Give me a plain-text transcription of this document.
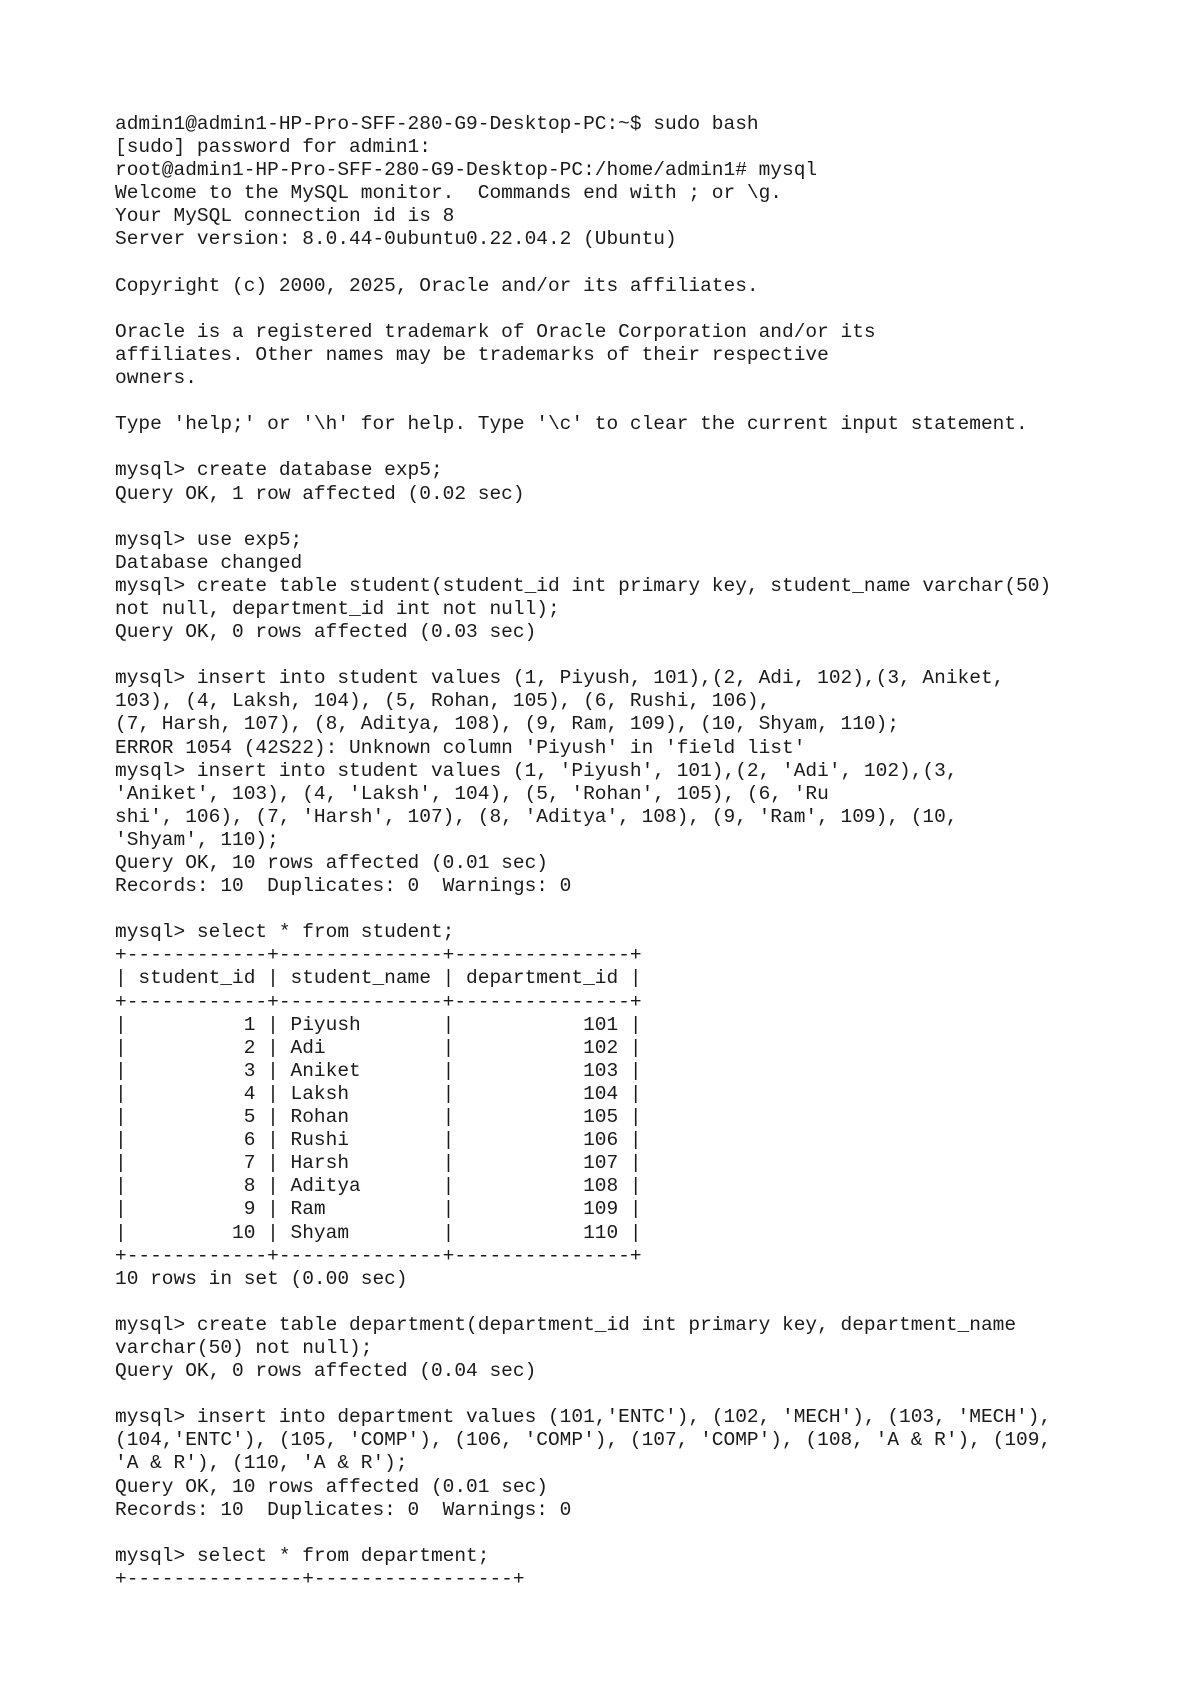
admin1@admin1-HP-Pro-SFF-280-G9-Desktop-PC:~$ sudo bash
[sudo] password for admin1:
root@admin1-HP-Pro-SFF-280-G9-Desktop-PC:/home/admin1# mysql
Welcome to the MySQL monitor.  Commands end with ; or \g.
Your MySQL connection id is 8
Server version: 8.0.44-0ubuntu0.22.04.2 (Ubuntu)
Copyright (c) 2000, 2025, Oracle and/or its affiliates.
Oracle is a registered trademark of Oracle Corporation and/or its
affiliates. Other names may be trademarks of their respective
owners.
Type 'help;' or '\h' for help. Type '\c' to clear the current input statement.
mysql> create database exp5;
Query OK, 1 row affected (0.02 sec)
mysql> use exp5;
Database changed
mysql> create table student(student_id int primary key, student_name varchar(50)
not null, department_id int not null);
Query OK, 0 rows affected (0.03 sec)
mysql> insert into student values (1, Piyush, 101),(2, Adi, 102),(3, Aniket,
103), (4, Laksh, 104), (5, Rohan, 105), (6, Rushi, 106),
(7, Harsh, 107), (8, Aditya, 108), (9, Ram, 109), (10, Shyam, 110);
ERROR 1054 (42S22): Unknown column 'Piyush' in 'field list'
mysql> insert into student values (1, 'Piyush', 101),(2, 'Adi', 102),(3,
'Aniket', 103), (4, 'Laksh', 104), (5, 'Rohan', 105), (6, 'Ru
shi', 106), (7, 'Harsh', 107), (8, 'Aditya', 108), (9, 'Ram', 109), (10,
'Shyam', 110);
Query OK, 10 rows affected (0.01 sec)
Records: 10  Duplicates: 0  Warnings: 0
mysql> select * from student;
+------------+--------------+---------------+
| student_id | student_name | department_id |
+------------+--------------+---------------+
|          1 | Piyush       |           101 |
|          2 | Adi          |           102 |
|          3 | Aniket       |           103 |
|          4 | Laksh        |           104 |
|          5 | Rohan        |           105 |
|          6 | Rushi        |           106 |
|          7 | Harsh        |           107 |
|          8 | Aditya       |           108 |
|          9 | Ram          |           109 |
|         10 | Shyam        |           110 |
+------------+--------------+---------------+
10 rows in set (0.00 sec)
mysql> create table department(department_id int primary key, department_name
varchar(50) not null);
Query OK, 0 rows affected (0.04 sec)
mysql> insert into department values (101,'ENTC'), (102, 'MECH'), (103, 'MECH'),
(104,'ENTC'), (105, 'COMP'), (106, 'COMP'), (107, 'COMP'), (108, 'A & R'), (109,
'A & R'), (110, 'A & R');
Query OK, 10 rows affected (0.01 sec)
Records: 10  Duplicates: 0  Warnings: 0
mysql> select * from department;
+---------------+-----------------+
